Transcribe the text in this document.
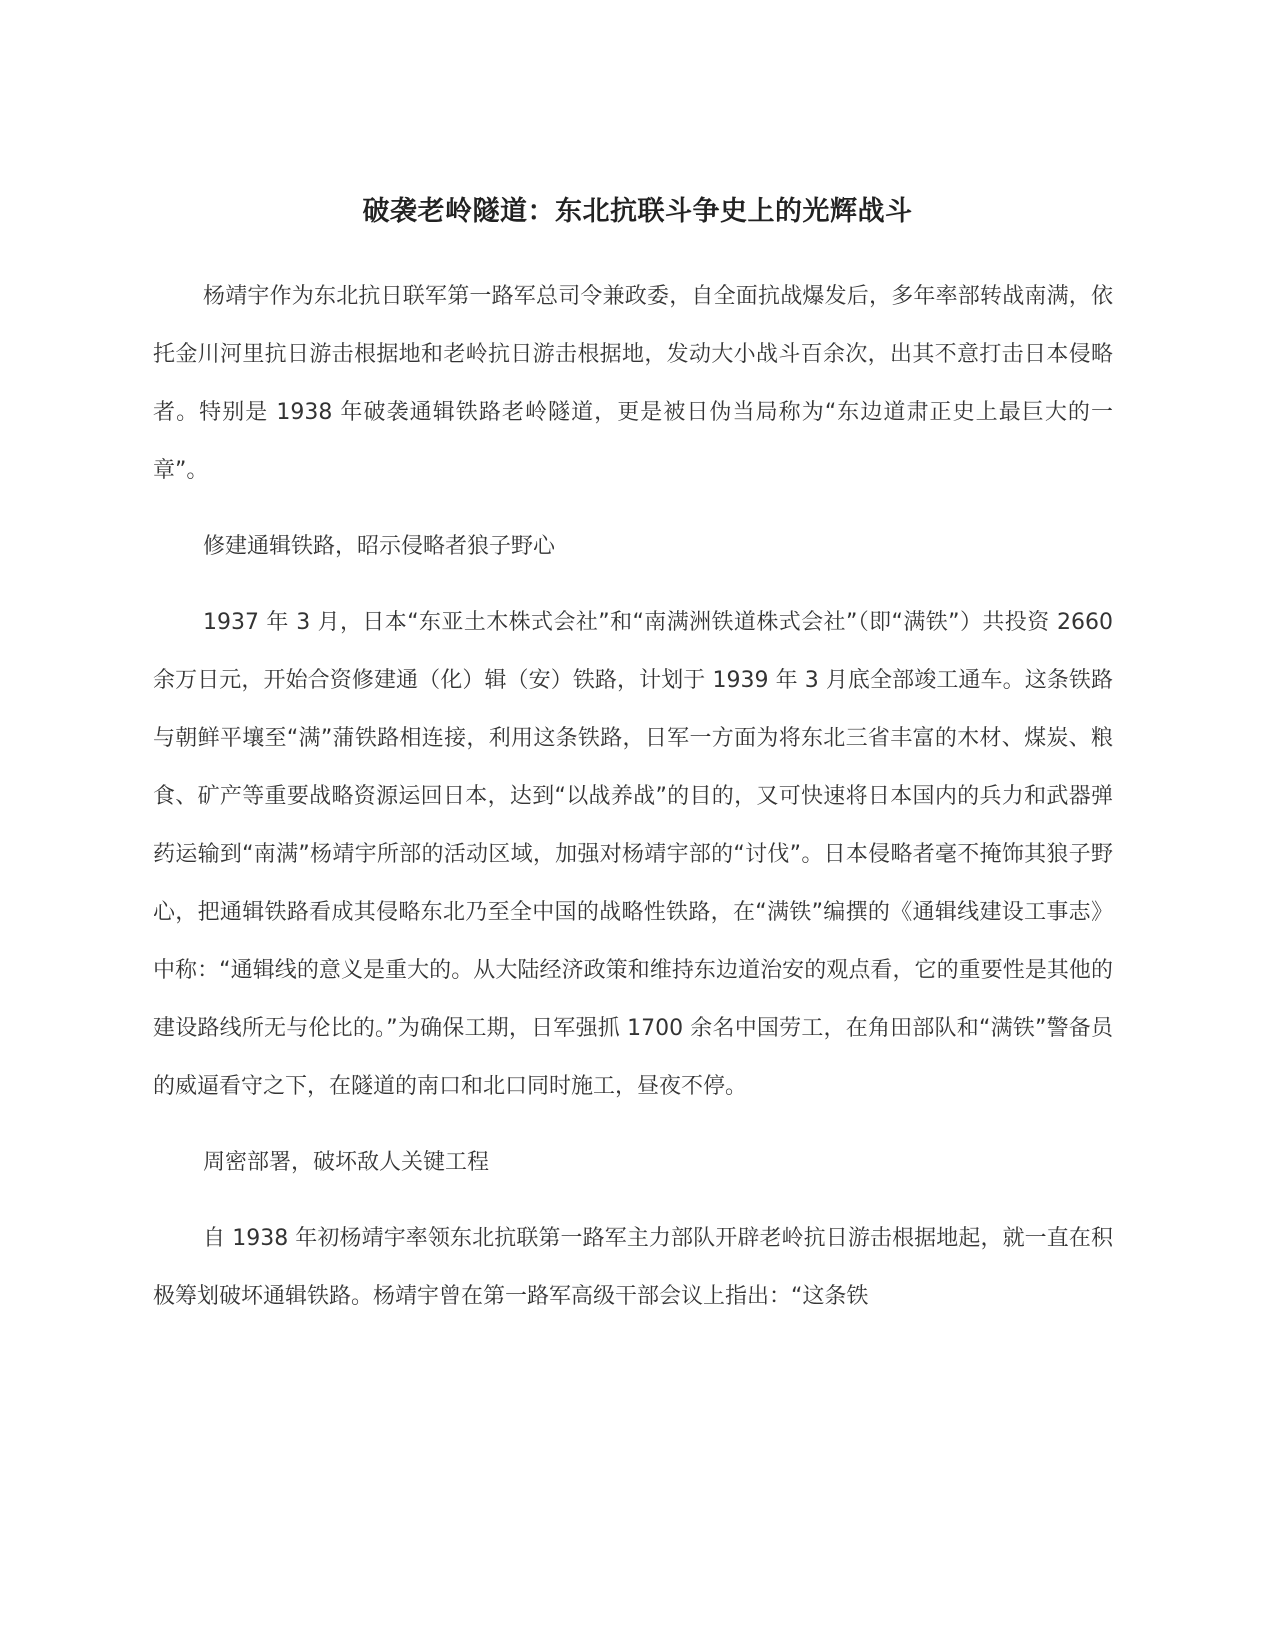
破袭老岭隧道：东北抗联斗争史上的光辉战斗

杨靖宇作为东北抗日联军第一路军总司令兼政委，自全面抗战爆发后，多年率部转战南满，依托金川河里抗日游击根据地和老岭抗日游击根据地，发动大小战斗百余次，出其不意打击日本侵略者。特别是 1938 年破袭通辑铁路老岭隧道，更是被日伪当局称为“东边道肃正史上最巨大的一章”。

修建通辑铁路，昭示侵略者狼子野心

1937 年 3 月，日本“东亚土木株式会社”和“南满洲铁道株式会社”（即“满铁”）共投资 2660 余万日元，开始合资修建通（化）辑（安）铁路，计划于 1939 年 3 月底全部竣工通车。这条铁路与朝鲜平壤至“满”蒲铁路相连接，利用这条铁路，日军一方面为将东北三省丰富的木材、煤炭、粮食、矿产等重要战略资源运回日本，达到“以战养战”的目的，又可快速将日本国内的兵力和武器弹药运输到“南满”杨靖宇所部的活动区域，加强对杨靖宇部的“讨伐”。日本侵略者毫不掩饰其狼子野心，把通辑铁路看成其侵略东北乃至全中国的战略性铁路，在“满铁”编撰的《通辑线建设工事志》中称：“通辑线的意义是重大的。从大陆经济政策和维持东边道治安的观点看，它的重要性是其他的建设路线所无与伦比的。”为确保工期，日军强抓 1700 余名中国劳工，在角田部队和“满铁”警备员的威逼看守之下，在隧道的南口和北口同时施工，昼夜不停。

周密部署，破坏敌人关键工程

自 1938 年初杨靖宇率领东北抗联第一路军主力部队开辟老岭抗日游击根据地起，就一直在积极筹划破坏通辑铁路。杨靖宇曾在第一路军高级干部会议上指出：“这条铁
